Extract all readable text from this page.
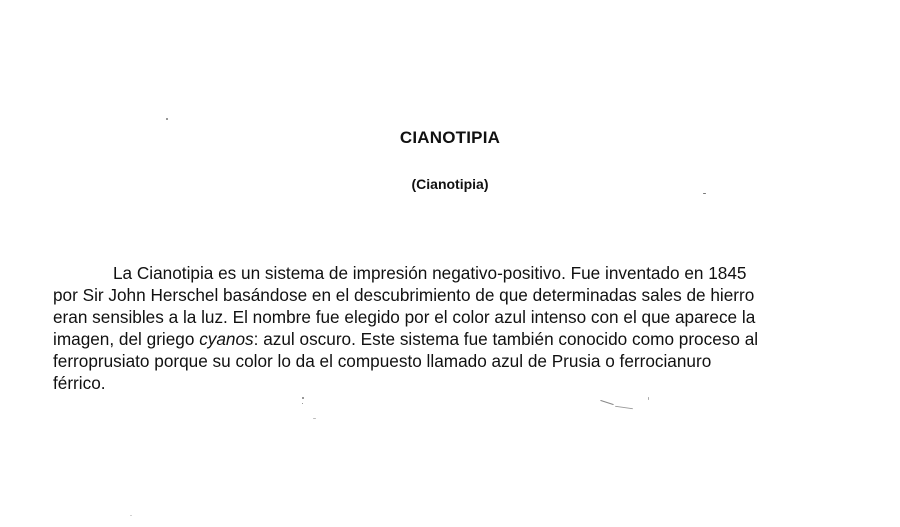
CIANOTIPIA
(Cianotipia)

La Cianotipia es un sistema de impresión negativo-positivo. Fue inventado en 1845
por Sir John Herschel basándose en el descubrimiento de que determinadas sales de hierro
eran sensibles a la luz. El nombre fue elegido por el color azul intenso con el que aparece la
imagen, del griego cyanos: azul oscuro. Este sistema fue también conocido como proceso al
ferroprusiato porque su color lo da el compuesto llamado azul de Prusia o ferrocianuro
férrico.
